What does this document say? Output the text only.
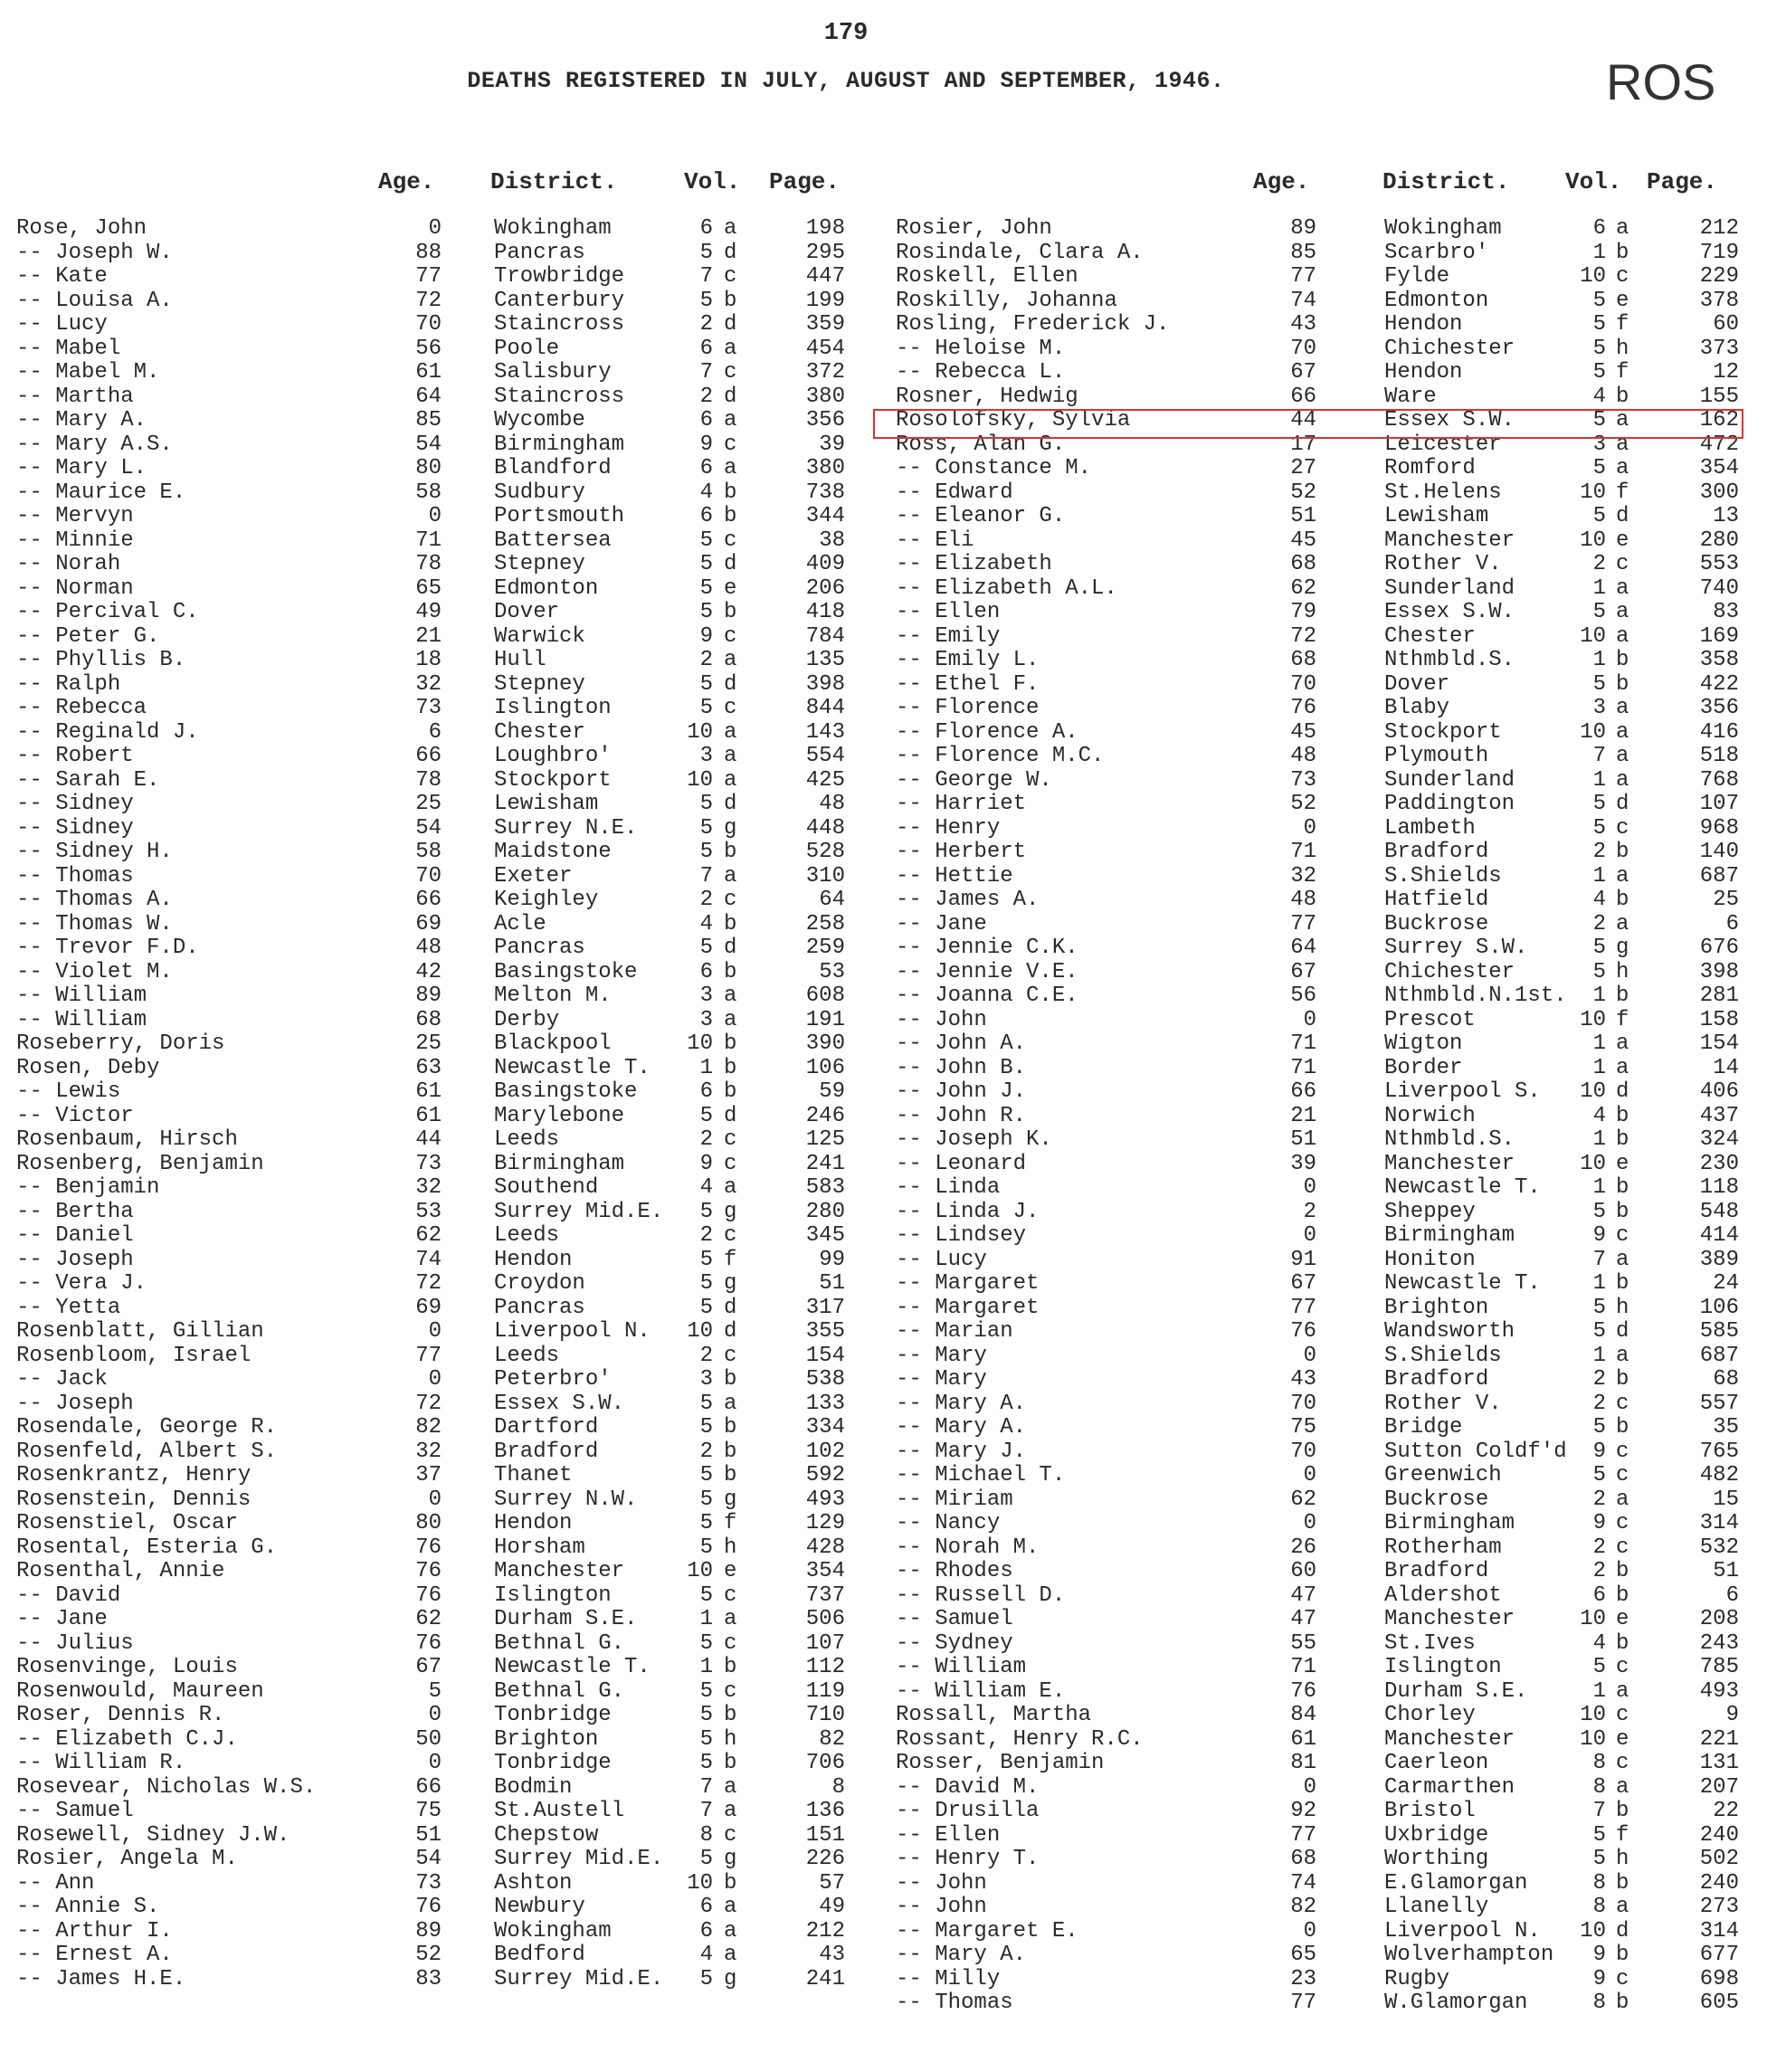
179
DEATHS REGISTERED IN JULY, AUGUST AND SEPTEMBER, 1946.	ROS
Age. District.	Vol. Page.	Age.	District. Vol. Page.
Rose, John	0 Wokingham	6 a	198
-- Joseph W.	88 Pancras	5 d	295
-- Kate	77 Trowbridge	7 c	447
-- Louisa A.	72 Canterbury	5 b	199
-- Lucy	70 Staincross	2 d	359
-- Mabel	56 Poole	6 a	454
-- Mabel M.	61 Salisbury	7 c	372
-- Martha	64 Staincross	2 d	380
-- Mary A.	85 Wycombe	6 a	356
-- Mary A.S.	54 Birmingham	9 c	39
-- Mary L.	80 Blandford	6 a	380
-- Maurice E.	58 Sudbury	4 b	738
-- Mervyn	0 Portsmouth	6 b	344
-- Minnie	71 Battersea	5 c	38
-- Norah	78 Stepney	5 d	409
-- Norman	65 Edmonton	5 e	206
-- Percival C.	49 Dover	5 b	418
-- Peter G.	21 Warwick	9 c	784
-- Phyllis B.	18 Hull	2 a	135
-- Ralph	32 Stepney	5 d	398
-- Rebecca	73 Islington	5 c	844
-- Reginald J.	6 Chester	10 a	143
-- Robert	66 Loughbro'	3 a	554
-- Sarah E.	78 Stockport	10 a	425
-- Sidney	25 Lewisham	5 d	48
-- Sidney	54 Surrey N.E.	5 g	448
-- Sidney H.	58 Maidstone	5 b	528
-- Thomas	70 Exeter	7 a	310
-- Thomas A.	66 Keighley	2 c	64
-- Thomas W.	69 Acle	4 b	258
-- Trevor F.D.	48 Pancras	5 d	259
-- Violet M.	42 Basingstoke	6 b	53
-- William	89 Melton M.	3 a	608
-- William	68 Derby	3 a	191
Roseberry, Doris	25 Blackpool	10 b	390
Rosen, Deby	63 Newcastle T.	1 b	106
-- Lewis	61 Basingstoke	6 b	59
-- Victor	61 Marylebone	5 d	246
Rosenbaum, Hirsch	44 Leeds	2 c	125
Rosenberg, Benjamin	73 Birmingham	9 c	241
-- Benjamin	32 Southend	4 a	583
-- Bertha	53 Surrey Mid.E.	5 g	280
-- Daniel	62 Leeds	2 c	345
-- Joseph	74 Hendon	5 f	99
-- Vera J.	72 Croydon	5 g	51
-- Yetta	69 Pancras	5 d	317
Rosenblatt, Gillian	0 Liverpool N.	10 d	355
Rosenbloom, Israel	77 Leeds	2 c	154
-- Jack	0 Peterbro'	3 b	538
-- Joseph	72 Essex S.W.	5 a	133
Rosendale, George R.	82 Dartford	5 b	334
Rosenfeld, Albert S.	32 Bradford	2 b	102
Rosenkrantz, Henry	37 Thanet	5 b	592
Rosenstein, Dennis	0 Surrey N.W.	5 g	493
Rosenstiel, Oscar	80 Hendon	5 f	129
Rosental, Esteria G.	76 Horsham	5 h	428
Rosenthal, Annie	76 Manchester	10 e	354
-- David	76 Islington	5 c	737
-- Jane	62 Durham S.E.	1 a	506
-- Julius	76 Bethnal G.	5 c	107
Rosenvinge, Louis	67 Newcastle T.	1 b	112
Rosenwould, Maureen	5 Bethnal G.	5 c	119
Roser, Dennis R.	0 Tonbridge	5 b	710
-- Elizabeth C.J.	50 Brighton	5 h	82
-- William R.	0 Tonbridge	5 b	706
Rosevear, Nicholas W.S.	66 Bodmin	7 a	8
-- Samuel	75 St.Austell	7 a	136
Rosewell, Sidney J.W.	51 Chepstow	8 c	151
Rosier, Angela M.	54 Surrey Mid.E.	5 g	226
-- Ann	73 Ashton	10 b	57
-- Annie S.	76 Newbury	6 a	49
-- Arthur I.	89 Wokingham	6 a	212
-- Ernest A.	52 Bedford	4 a	43
-- James H.E.	83 Surrey Mid.E.	5 g	241
Rosier, John	89	Wokingham	6 a	212
Rosindale, Clara A.	85	Scarbro'	1 b	719
Roskell, Ellen	77	Fylde	10 c	229
Roskilly, Johanna	74	Edmonton	5 e	378
Rosling, Frederick J.	43	Hendon	5 f	60
-- Heloise M.	70	Chichester	5 h	373
-- Rebecca L.	67	Hendon	5 f	12
Rosner, Hedwig	66	Ware	4 b	155
Rosolofsky, Sylvia	44	Essex S.W.	5 a	162
Ross, Alan G.	17	Leicester	3 a	472
-- Constance M.	27	Romford	5 a	354
-- Edward	52	St.Helens	10 f	300
-- Eleanor G.	51	Lewisham	5 d	13
-- Eli	45	Manchester	10 e	280
-- Elizabeth	68	Rother V.	2 c	553
-- Elizabeth A.L.	62	Sunderland	1 a	740
-- Ellen	79	Essex S.W.	5 a	83
-- Emily	72	Chester	10 a	169
-- Emily L.	68	Nthmbld.S.	1 b	358
-- Ethel F.	70	Dover	5 b	422
-- Florence	76	Blaby	3 a	356
-- Florence A.	45	Stockport	10 a	416
-- Florence M.C.	48	Plymouth	7 a	518
-- George W.	73	Sunderland	1 a	768
-- Harriet	52	Paddington	5 d	107
-- Henry	0	Lambeth	5 c	968
-- Herbert	71	Bradford	2 b	140
-- Hettie	32	S.Shields	1 a	687
-- James A.	48	Hatfield	4 b	25
-- Jane	77	Buckrose	2 a	6
-- Jennie C.K.	64	Surrey S.W.	5 g	676
-- Jennie V.E.	67	Chichester	5 h	398
-- Joanna C.E.	56	Nthmbld.N.1st.	1 b	281
-- John	0	Prescot	10 f	158
-- John A.	71	Wigton	1 a	154
-- John B.	71	Border	1 a	14
-- John J.	66	Liverpool S.	10 d	406
-- John R.	21	Norwich	4 b	437
-- Joseph K.	51	Nthmbld.S.	1 b	324
-- Leonard	39	Manchester	10 e	230
-- Linda	0	Newcastle T.	1 b	118
-- Linda J.	2	Sheppey	5 b	548
-- Lindsey	0	Birmingham	9 c	414
-- Lucy	91	Honiton	7 a	389
-- Margaret	67	Newcastle T.	1 b	24
-- Margaret	77	Brighton	5 h	106
-- Marian	76	Wandsworth	5 d	585
-- Mary	0	S.Shields	1 a	687
-- Mary	43	Bradford	2 b	68
-- Mary A.	70	Rother V.	2 c	557
-- Mary A.	75	Bridge	5 b	35
-- Mary J.	70	Sutton Coldf'd	9 c	765
-- Michael T.	0	Greenwich	5 c	482
-- Miriam	62	Buckrose	2 a	15
-- Nancy	0	Birmingham	9 c	314
-- Norah M.	26	Rotherham	2 c	532
-- Rhodes	60	Bradford	2 b	51
-- Russell D.	47	Aldershot	6 b	6
-- Samuel	47	Manchester	10 e	208
-- Sydney	55	St.Ives	4 b	243
-- William	71	Islington	5 c	785
-- William E.	76	Durham S.E.	1 a	493
Rossall, Martha	84	Chorley	10 c	9
Rossant, Henry R.C.	61	Manchester	10 e	221
Rosser, Benjamin	81	Caerleon	8 c	131
-- David M.	0	Carmarthen	8 a	207
-- Drusilla	92	Bristol	7 b	22
-- Ellen	77	Uxbridge	5 f	240
-- Henry T.	68	Worthing	5 h	502
-- John	74	E.Glamorgan	8 b	240
-- John	82	Llanelly	8 a	273
-- Margaret E.	0	Liverpool N.	10 d	314
-- Mary A.	65	Wolverhampton	9 b	677
-- Milly	23	Rugby	9 c	698
-- Thomas	77	W.Glamorgan	8 b	605
